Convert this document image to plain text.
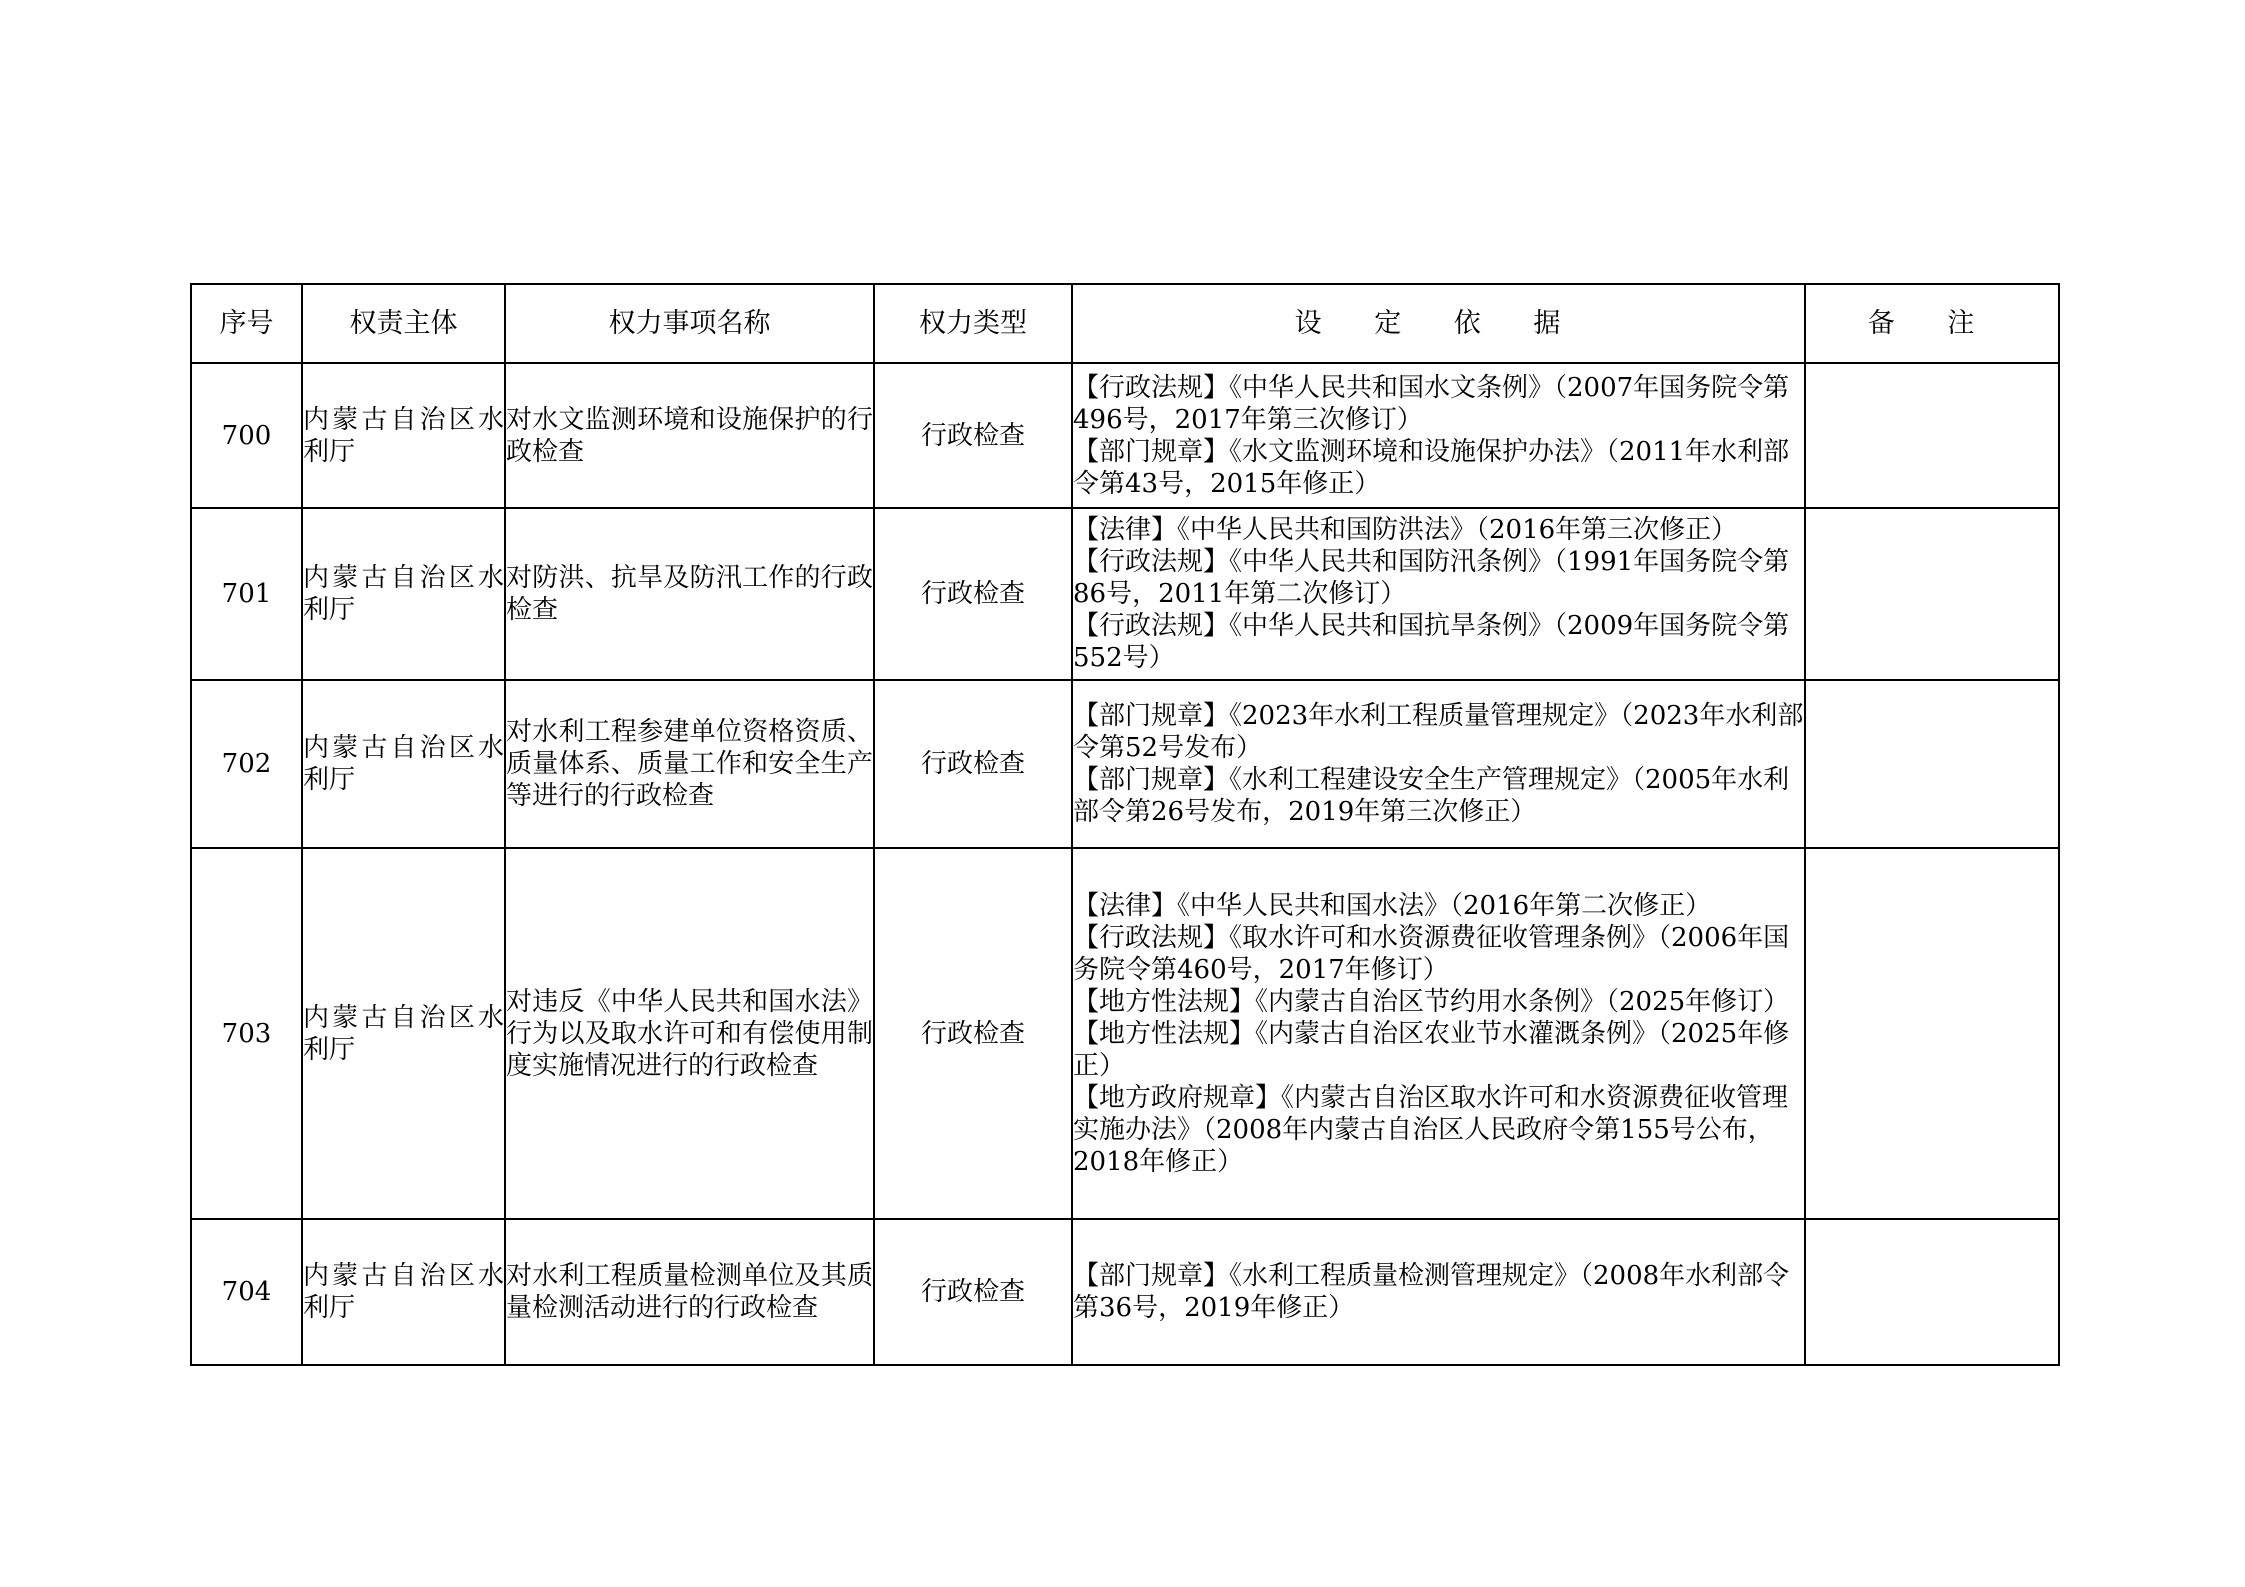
序号	权责主体	权力事项名称	权力类型	设 定 依 据	备 注
700	内蒙古自治区水利厅	对水文监测环境和设施保护的行政检查	行政检查	【行政法规】《中华人民共和国水文条例》（2007年国务院令第496号，2017年第三次修订）
【部门规章】《水文监测环境和设施保护办法》（2011年水利部令第43号，2015年修正）	

701	内蒙古自治区水利厅	对防洪、抗旱及防汛工作的行政检查	行政检查	【法律】《中华人民共和国防洪法》（2016年第三次修正）
【行政法规】《中华人民共和国防汛条例》（1991年国务院令第86号，2011年第二次修订）
【行政法规】《中华人民共和国抗旱条例》（2009年国务院令第552号）	

702	内蒙古自治区水利厅	对水利工程参建单位资格资质、质量体系、质量工作和安全生产等进行的行政检查	行政检查	【部门规章】《2023年水利工程质量管理规定》（2023年水利部令第52号发布）
【部门规章】《水利工程建设安全生产管理规定》（2005年水利部令第26号发布，2019年第三次修正）	

703	内蒙古自治区水利厅	对违反《中华人民共和国水法》行为以及取水许可和有偿使用制度实施情况进行的行政检查	行政检查	【法律】《中华人民共和国水法》（2016年第二次修正）
【行政法规】《取水许可和水资源费征收管理条例》（2006年国务院令第460号，2017年修订）
【地方性法规】《内蒙古自治区节约用水条例》（2025年修订）
【地方性法规】《内蒙古自治区农业节水灌溉条例》（2025年修正）
【地方政府规章】《内蒙古自治区取水许可和水资源费征收管理实施办法》（2008年内蒙古自治区人民政府令第155号公布，2018年修正）	

704	内蒙古自治区水利厅	对水利工程质量检测单位及其质量检测活动进行的行政检查	行政检查	【部门规章】《水利工程质量检测管理规定》（2008年水利部令第36号，2019年修正）	
